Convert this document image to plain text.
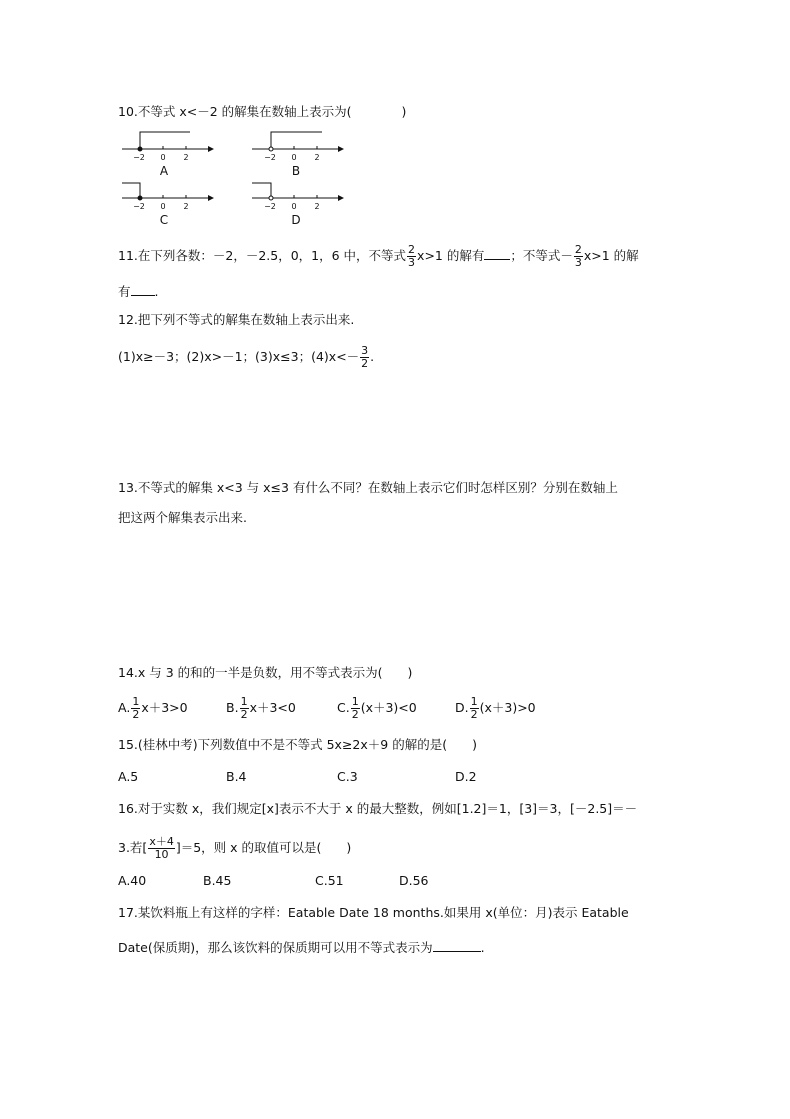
10.不等式 x<－2 的解集在数轴上表示为(　　　　)
−2 0 2	−2 0 2
−2 0 2	−2 0 2
A	B
C	D
11.在下列各数：－2，－2.5，0，1，6 中，不等式 $\frac{2}{3} x>1$ 的解有 ；不等式－ $\frac{2}{3} x>1$ 的解
有 .
12.把下列不等式的解集在数轴上表示出来.
(1)x≥－3；(2)x>－1；(3)x≤3；$(4)x<- \frac{3}{2}$ .
13.不等式的解集 x<3 与 x≤3 有什么不同？在数轴上表示它们时怎样区别？分别在数轴上
把这两个解集表示出来.
14.x 与 3 的和的一半是负数，用不等式表示为(　　)
A. $\frac{1}{2} x+3>0$	B. $\frac{1}{2} x+3<0$	C. $\frac{1}{2} (x+3)<0$	D. $\frac{1}{2} (x+3)>0$
15.(桂林中考)下列数值中不是不等式 5x≥2x＋9 的解的是(　　)
A.5	B.4	C.3	D.2
16.对于实数 x，我们规定[x]表示不大于 x 的最大整数，例如[1.2]＝1，[3]＝3，[－2.5]＝－
3.若[ $\frac{x+4}{10} ]=5$，则 x 的取值可以是(　　)
A.40	B.45	C.51	D.56
17.某饮料瓶上有这样的字样：Eatable Date 18 months.如果用 x(单位：月)表示 Eatable
Date(保质期)，那么该饮料的保质期可以用不等式表示为	.
